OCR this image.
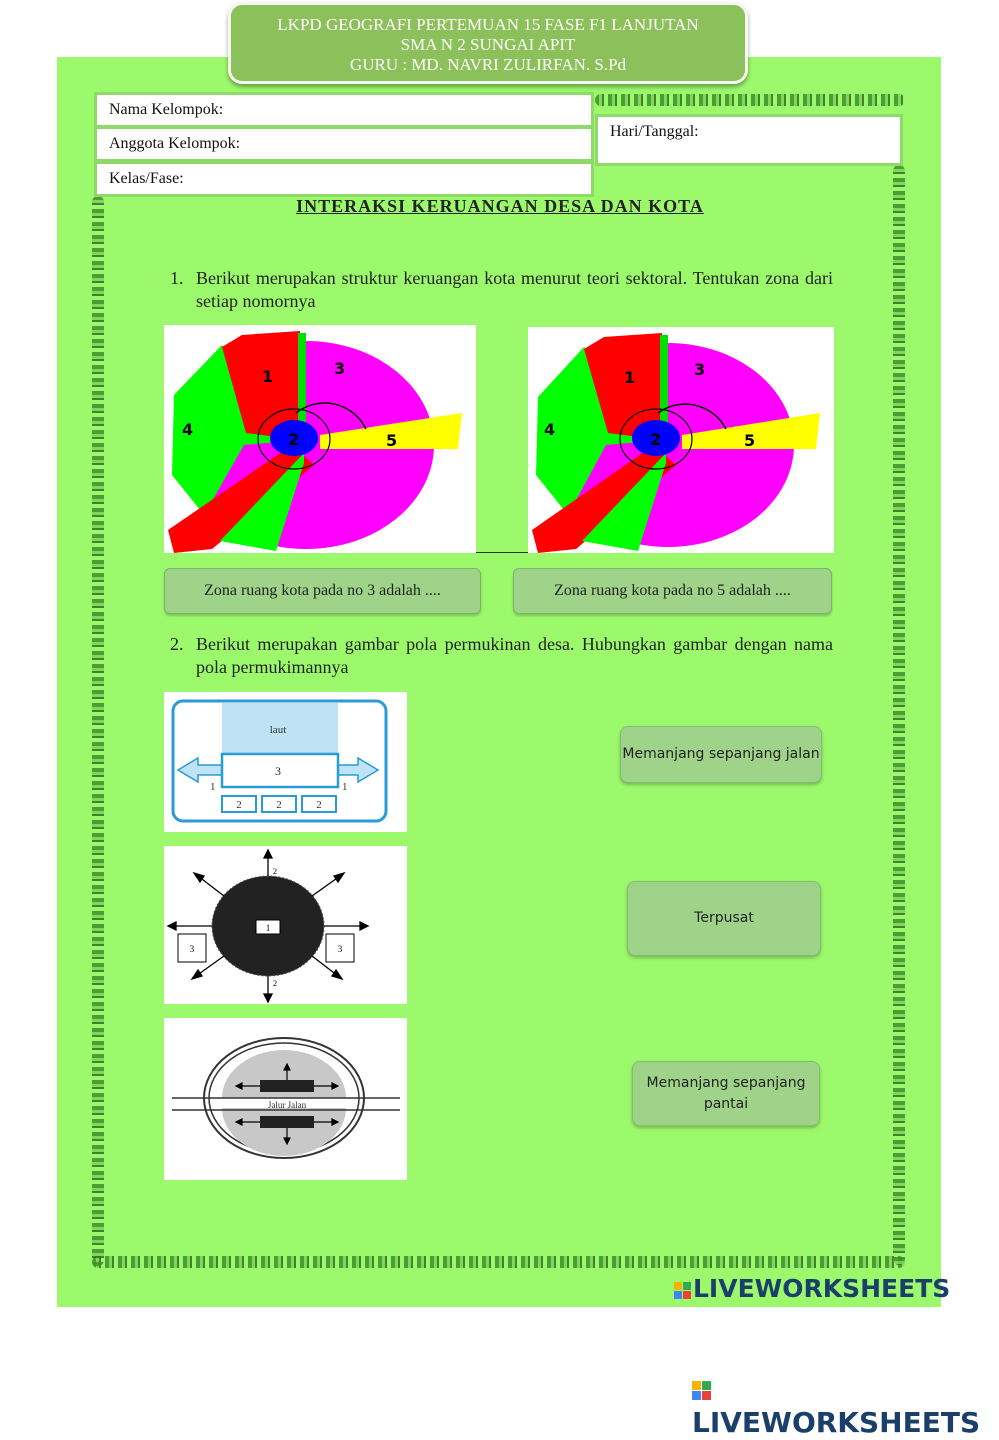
LKPD GEOGRAFI PERTEMUAN 15 FASE F1 LANJUTAN
SMA N 2 SUNGAI APIT
GURU : MD. NAVRI ZULIRFAN. S.Pd
Nama Kelompok:
Anggota Kelompok:
Kelas/Fase:
Hari/Tanggal:
INTERAKSI KERUANGAN DESA DAN KOTA
1. Berikut merupakan struktur keruangan kota menurut teori sektoral. Tentukan zona dari setiap nomornya
1
2
3
4
5
1
2
3
4
5
Zona ruang kota pada no 3 adalah ....	Zona ruang kota pada no 5 adalah ....
2. Berikut merupakan gambar pola permukinan desa. Hubungkan gambar dengan nama pola permukimannya
laut
3
1	1
2	2	2
1
2
2
3	3
Jalur Jalan
Memanjang sepanjang jalan
Terpusat
Memanjang sepanjang pantai
LIVEWORKSHEETS
LIVEWORKSHEETS
